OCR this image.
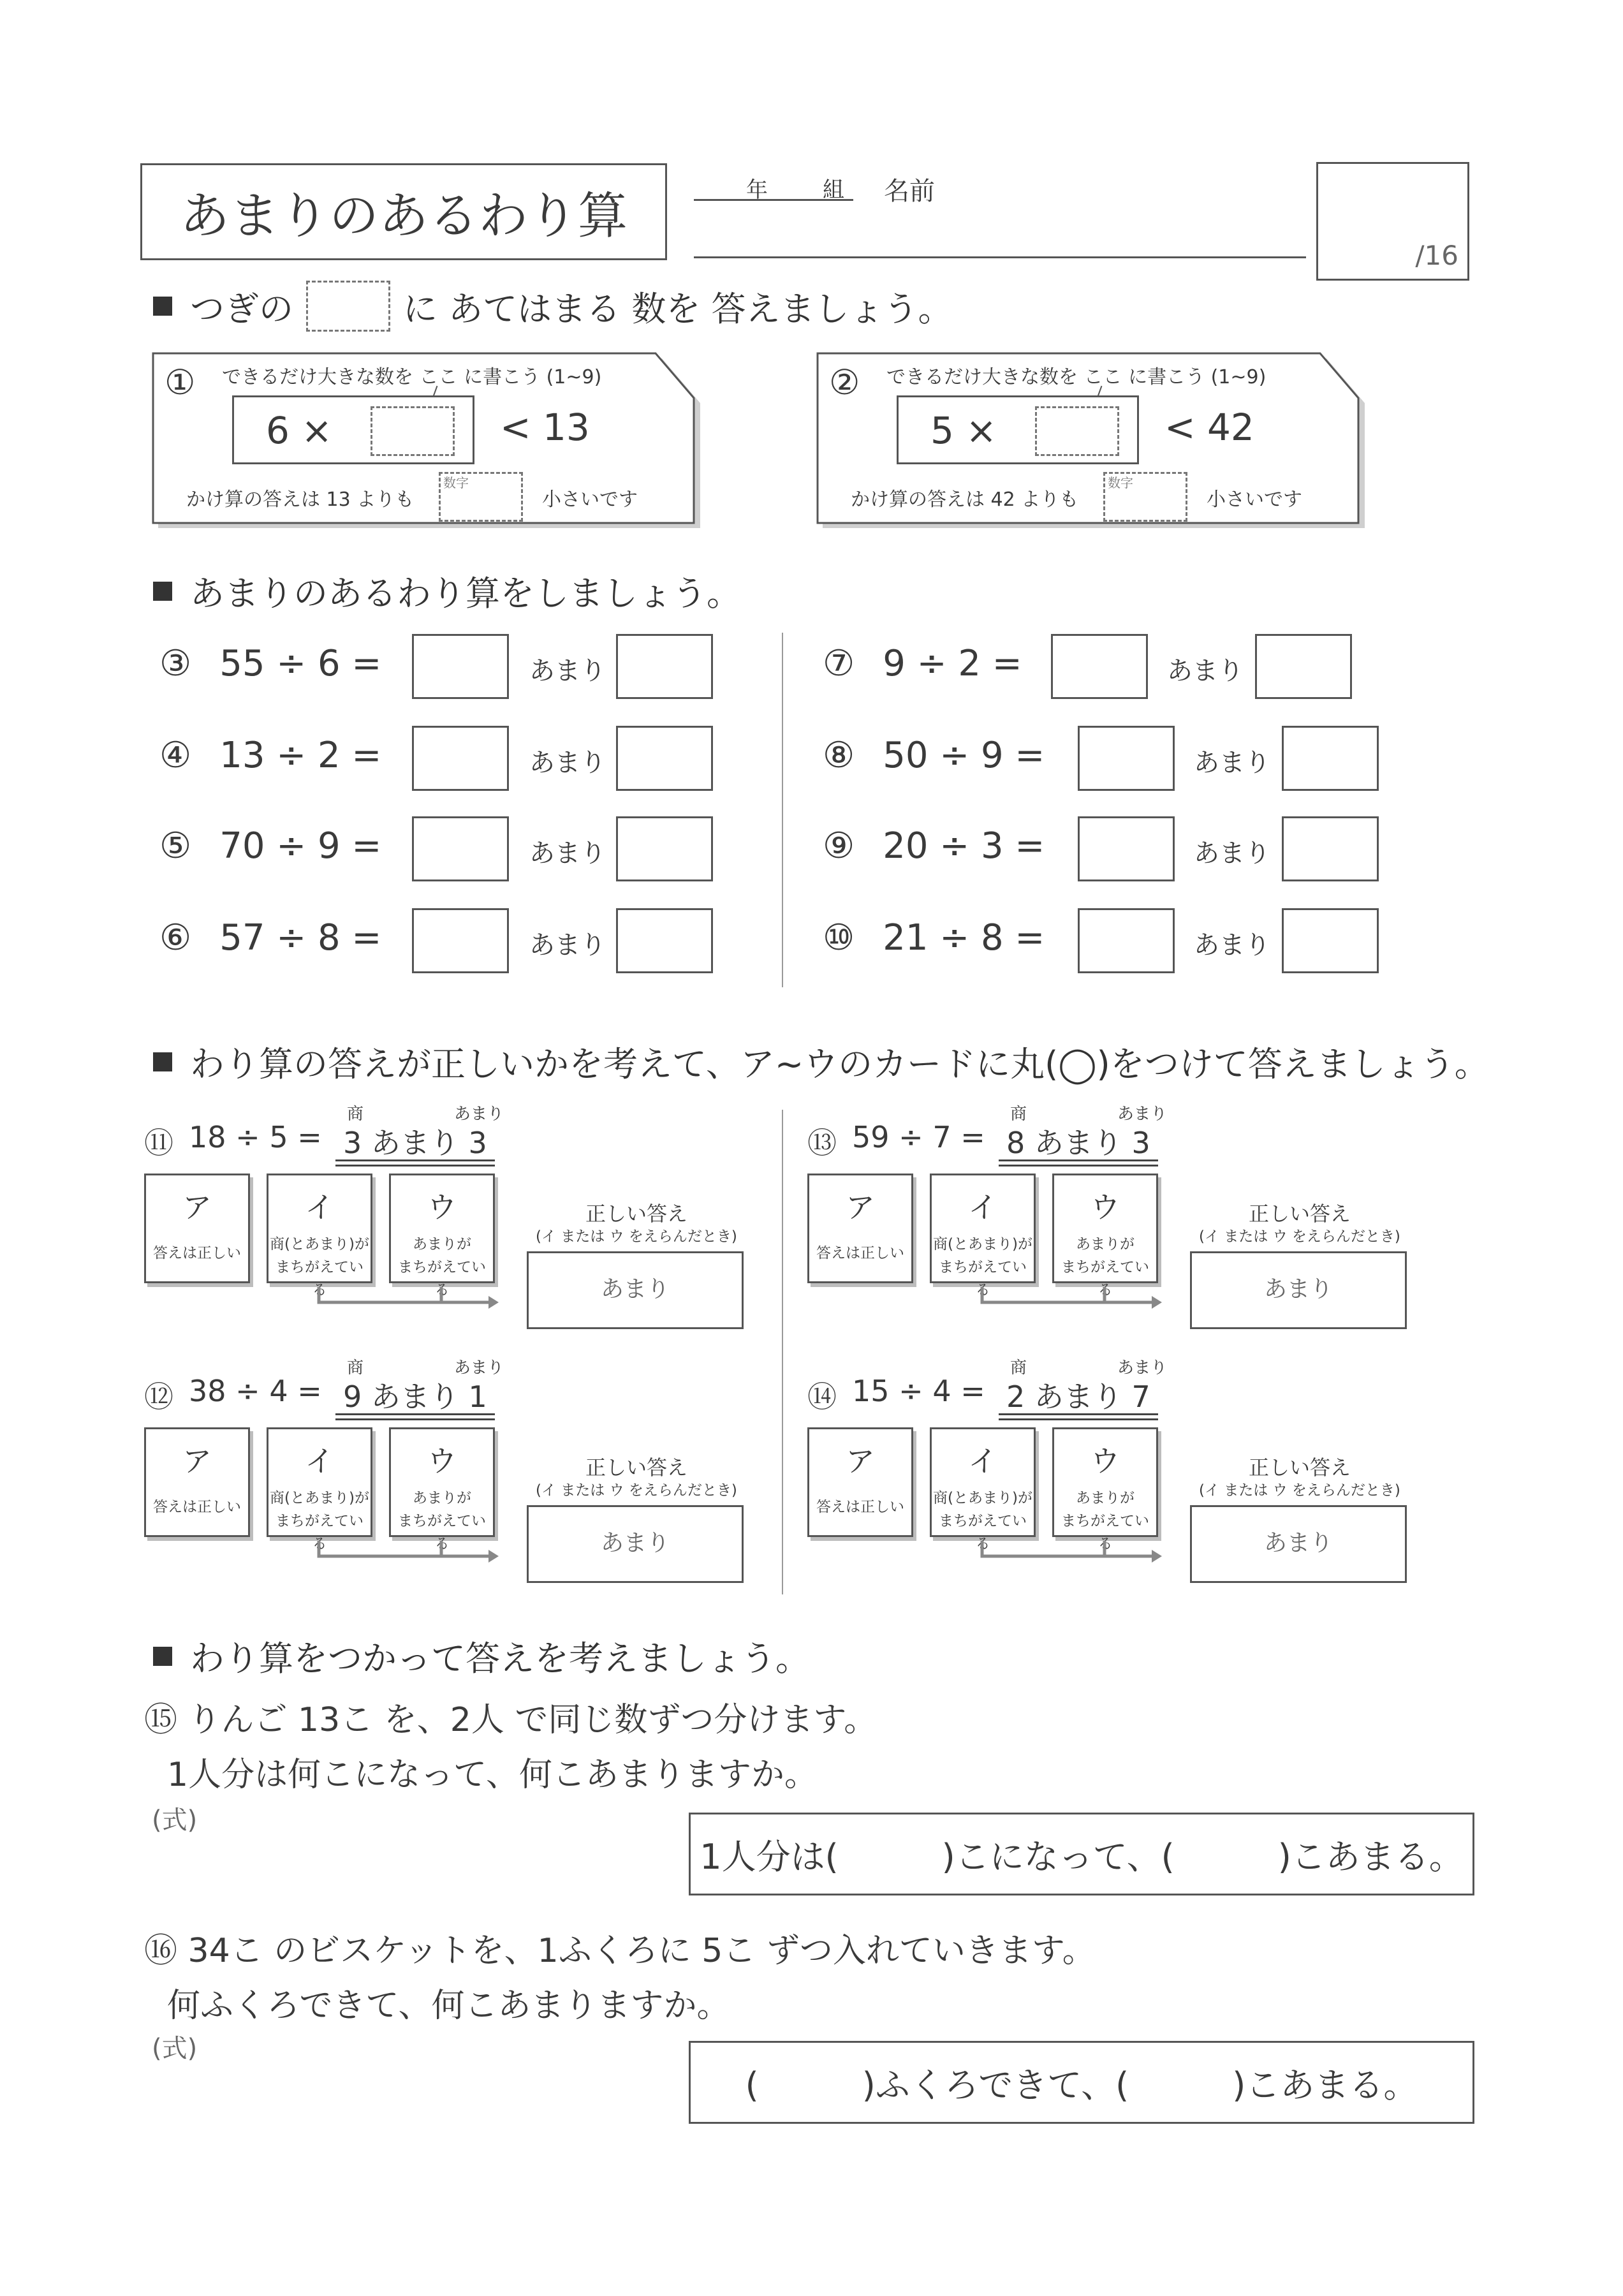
あまりのあるわり算	年	組 名前
/16
つぎの	に あてはまる 数を 答えましょう。
① できるだけ大きな数を ここ に書こう (1~9)
6 ×	< 13
かけ算の答えは 13 よりも
数字
小さいです
② できるだけ大きな数を ここ に書こう (1~9)
5 ×	< 42
かけ算の答えは 42 よりも
数字
小さいです
あまりのあるわり算をしましょう。
③ 55 ÷ 6 =	あまり
④ 13 ÷ 2 =	あまり
⑤ 70 ÷ 9 =	あまり
⑥ 57 ÷ 8 =	あまり
⑦ 9 ÷ 2 =	あまり
⑧ 50 ÷ 9 =	あまり
⑨ 20 ÷ 3 =	あまり
⑩ 21 ÷ 8 =	あまり
わり算の答えが正しいかを考えて、ア~ウのカードに丸(◯)をつけて答えましょう。
商	あまり
⑪ 18 ÷ 5 = 3 あまり 3
ア
答えは正しい
イ
商(とあまり)が
まちがえている
ウ
あまりが
まちがえている
正しい答え
(イ または ウ をえらんだとき)
あまり
商	あまり
⑬ 59 ÷ 7 = 8 あまり 3
ア
答えは正しい
イ
商(とあまり)が
まちがえている
ウ
あまりが
まちがえている
正しい答え
(イ または ウ をえらんだとき)
あまり
商	あまり
⑫ 38 ÷ 4 = 9 あまり 1
ア
答えは正しい
イ
商(とあまり)が
まちがえている
ウ
あまりが
まちがえている
正しい答え
(イ または ウ をえらんだとき)
あまり
商	あまり
⑭ 15 ÷ 4 = 2 あまり 7
ア
答えは正しい
イ
商(とあまり)が
まちがえている
ウ
あまりが
まちがえている
正しい答え
(イ または ウ をえらんだとき)
あまり
わり算をつかって答えを考えましょう。
⑮ りんご 13こ を、2人 で同じ数ずつ分けます。
1人分は何こになって、何こあまりますか。
(式)
1人分は(　　　)こになって、(　　　)こあまる。
⑯ 34こ のビスケットを、1ふくろに 5こ ずつ入れていきます。
何ふくろできて、何こあまりますか。
(式)
(　　　)ふくろできて、(　　　)こあまる。
